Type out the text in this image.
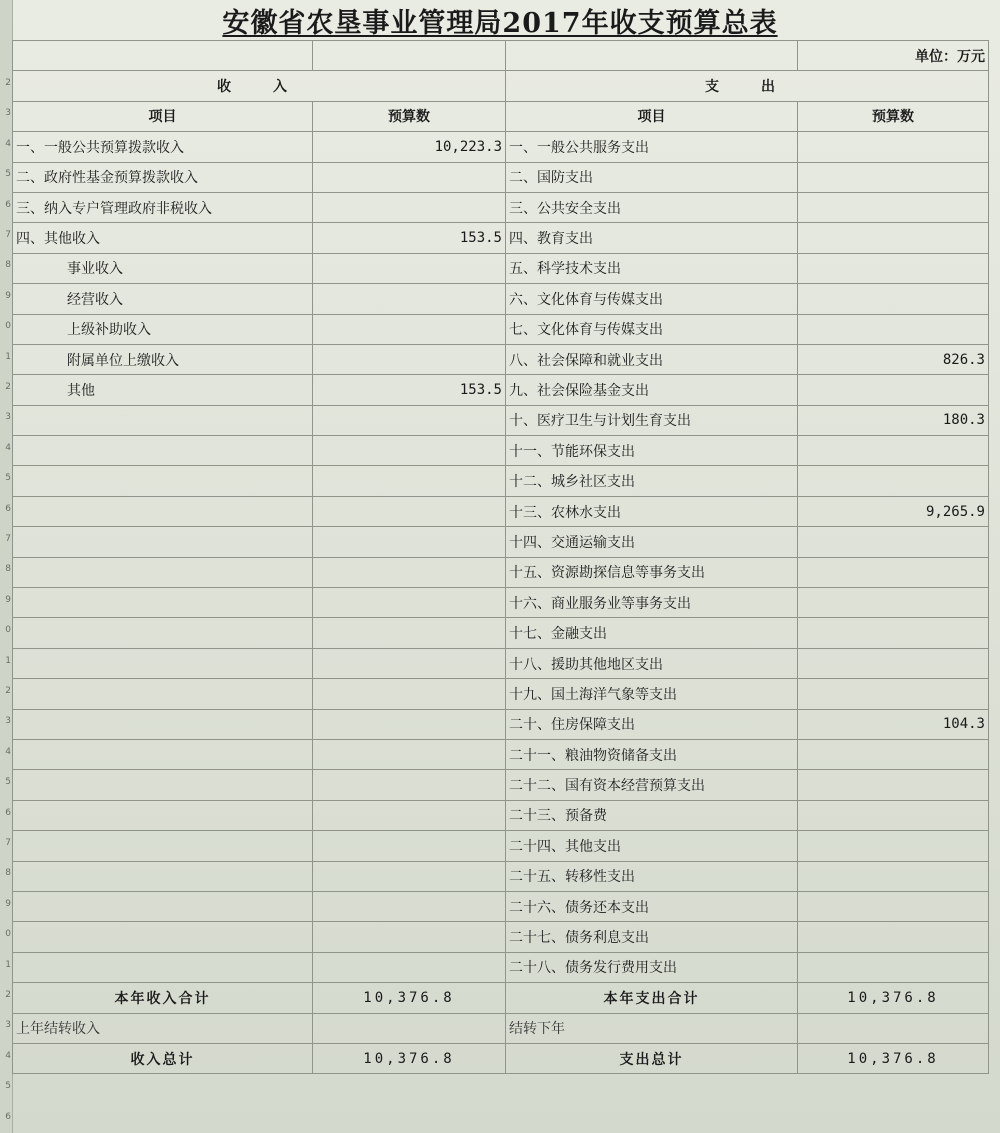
2
3
4
5
6
7
8
9
0
1
2
3
4
5
6
7
8
9
0
1
2
3
4
5
6
7
8
9
0
1
2
3
4
5
6
安徽省农垦事业管理局2017年收支预算总表
			单位：万元
收　入		支　出	
项目	预算数	项目	预算数
一、一般公共预算拨款收入	10,223.3	一、一般公共服务支出	
二、政府性基金预算拨款收入		二、国防支出	
三、纳入专户管理政府非税收入		三、公共安全支出	
四、其他收入	153.5	四、教育支出	
事业收入		五、科学技术支出	
经营收入		六、文化体育与传媒支出	
上级补助收入		七、文化体育与传媒支出	
附属单位上缴收入		八、社会保障和就业支出	826.3
其他	153.5	九、社会保险基金支出	
		十、医疗卫生与计划生育支出	180.3
		十一、节能环保支出	
		十二、城乡社区支出	
		十三、农林水支出	9,265.9
		十四、交通运输支出	
		十五、资源勘探信息等事务支出	
		十六、商业服务业等事务支出	
		十七、金融支出	
		十八、援助其他地区支出	
		十九、国土海洋气象等支出	
		二十、住房保障支出	104.3
		二十一、粮油物资储备支出	
		二十二、国有资本经营预算支出	
		二十三、预备费	
		二十四、其他支出	
		二十五、转移性支出	
		二十六、债务还本支出	
		二十七、债务利息支出	
		二十八、债务发行费用支出	
本年收入合计	10,376.8	本年支出合计	10,376.8
上年结转收入		结转下年	
收入总计	10,376.8	支出总计	10,376.8
